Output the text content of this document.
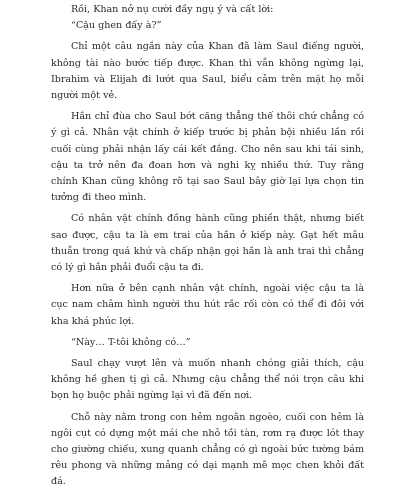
Rồi, Khan nở nụ cười đầy ngụ ý và cất lời:

“Cậu ghen đấy à?”

Chỉ một câu ngắn này của Khan đã làm Saul điếng người, không tài nào bước tiếp được. Khan thì vẫn không ngừng lại, Ibrahim và Elijah đi lướt qua Saul, biểu cảm trên mặt họ mỗi người một vẻ.

Hắn chỉ đùa cho Saul bớt căng thẳng thế thôi chứ chẳng có ý gì cả. Nhân vật chính ở kiếp trước bị phản bội nhiều lần rồi cuối cùng phải nhận lấy cái kết đắng. Cho nên sau khi tái sinh, cậu ta trở nên đa đoan hơn và nghi kỵ nhiều thứ. Tuy rằng chính Khan cũng không rõ tại sao Saul bây giờ lại lựa chọn tin tưởng đi theo mình.

Có nhân vật chính đồng hành cũng phiền thật, nhưng biết sao được, cậu ta là em trai của hắn ở kiếp này. Gạt hết mâu thuẫn trong quá khứ và chấp nhận gọi hắn là anh trai thì chẳng có lý gì hắn phải đuổi cậu ta đi.

Hơn nữa ở bên cạnh nhân vật chính, ngoài việc cậu ta là cục nam châm hình người thu hút rắc rối còn có thể đi đôi với kha khá phúc lợi.

“Này… T-tôi không có…”

Saul chạy vượt lên và muốn nhanh chóng giải thích, cậu không hề ghen tị gì cả. Nhưng cậu chẳng thể nói trọn câu khi bọn họ buộc phải ngừng lại vì đã đến nơi.

Chỗ này nằm trong con hẻm ngoằn ngoèo, cuối con hẻm là ngôi cụt có dựng một mái che nhỏ tồi tàn, rơm rạ được lót thay cho giường chiếu, xung quanh chẳng có gì ngoài bức tường bám rêu phong và những mảng có dại mạnh mẽ mọc chen khỏi đất đá.
